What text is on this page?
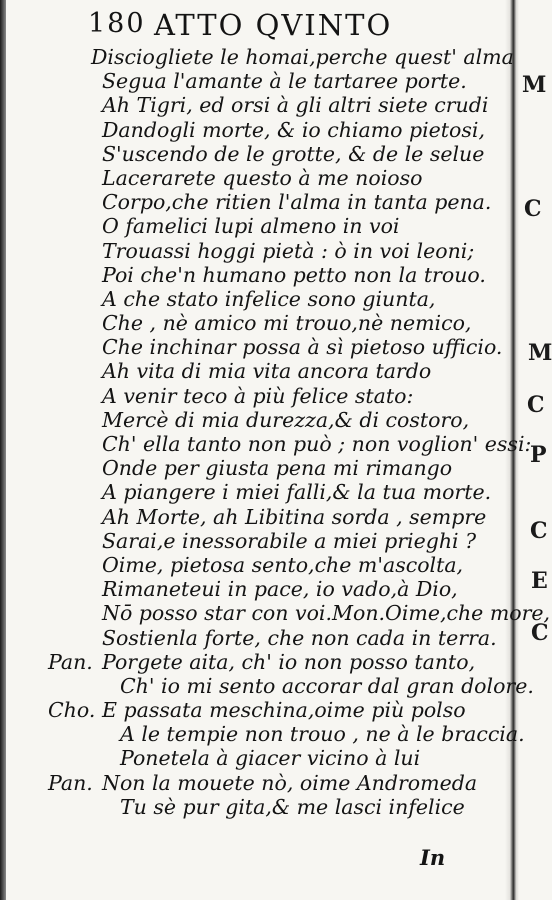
180 ATTO QVINTO
Disciogliete le homai,perche quest' alma
Segua l'amante à le tartaree porte.
Ah Tigri, ed orsi à gli altri siete crudi
Dandogli morte, & io chiamo pietosi,
S'uscendo de le grotte, & de le selue
Lacerarete questo à me noioso
Corpo,che ritien l'alma in tanta pena.
O famelici lupi almeno in voi
Trouassi hoggi pietà : ò in voi leoni;
Poi che'n humano petto non la trouo.
A che stato infelice sono giunta,
Che , nè amico mi trouo,nè nemico,
Che inchinar possa à sì pietoso ufficio.
Ah vita di mia vita ancora tardo
A venir teco à più felice stato:
Mercè di mia durezza,& di costoro,
Ch' ella tanto non può ; non voglion' essi:
Onde per giusta pena mi rimango
A piangere i miei falli,& la tua morte.
Ah Morte, ah Libitina sorda , sempre
Sarai,e inessorabile a miei prieghi ?
Oime, pietosa sento,che m'ascolta,
Rimaneteui in pace, io vado,à Dio,
Nō posso star con voi.Mon.Oime,che more,
Sostienla forte, che non cada in terra.
Pan. Porgete aita, ch' io non posso tanto,
Ch' io mi sento accorar dal gran dolore.
Cho. E passata meschina,oime più polso
A le tempie non trouo , ne à le braccia.
Ponetela à giacer vicino à lui
Pan. Non la mouete nò, oime Andromeda
Tu sè pur gita,& me lasci infelice
In
M
C
M
C
P
C
E
C
